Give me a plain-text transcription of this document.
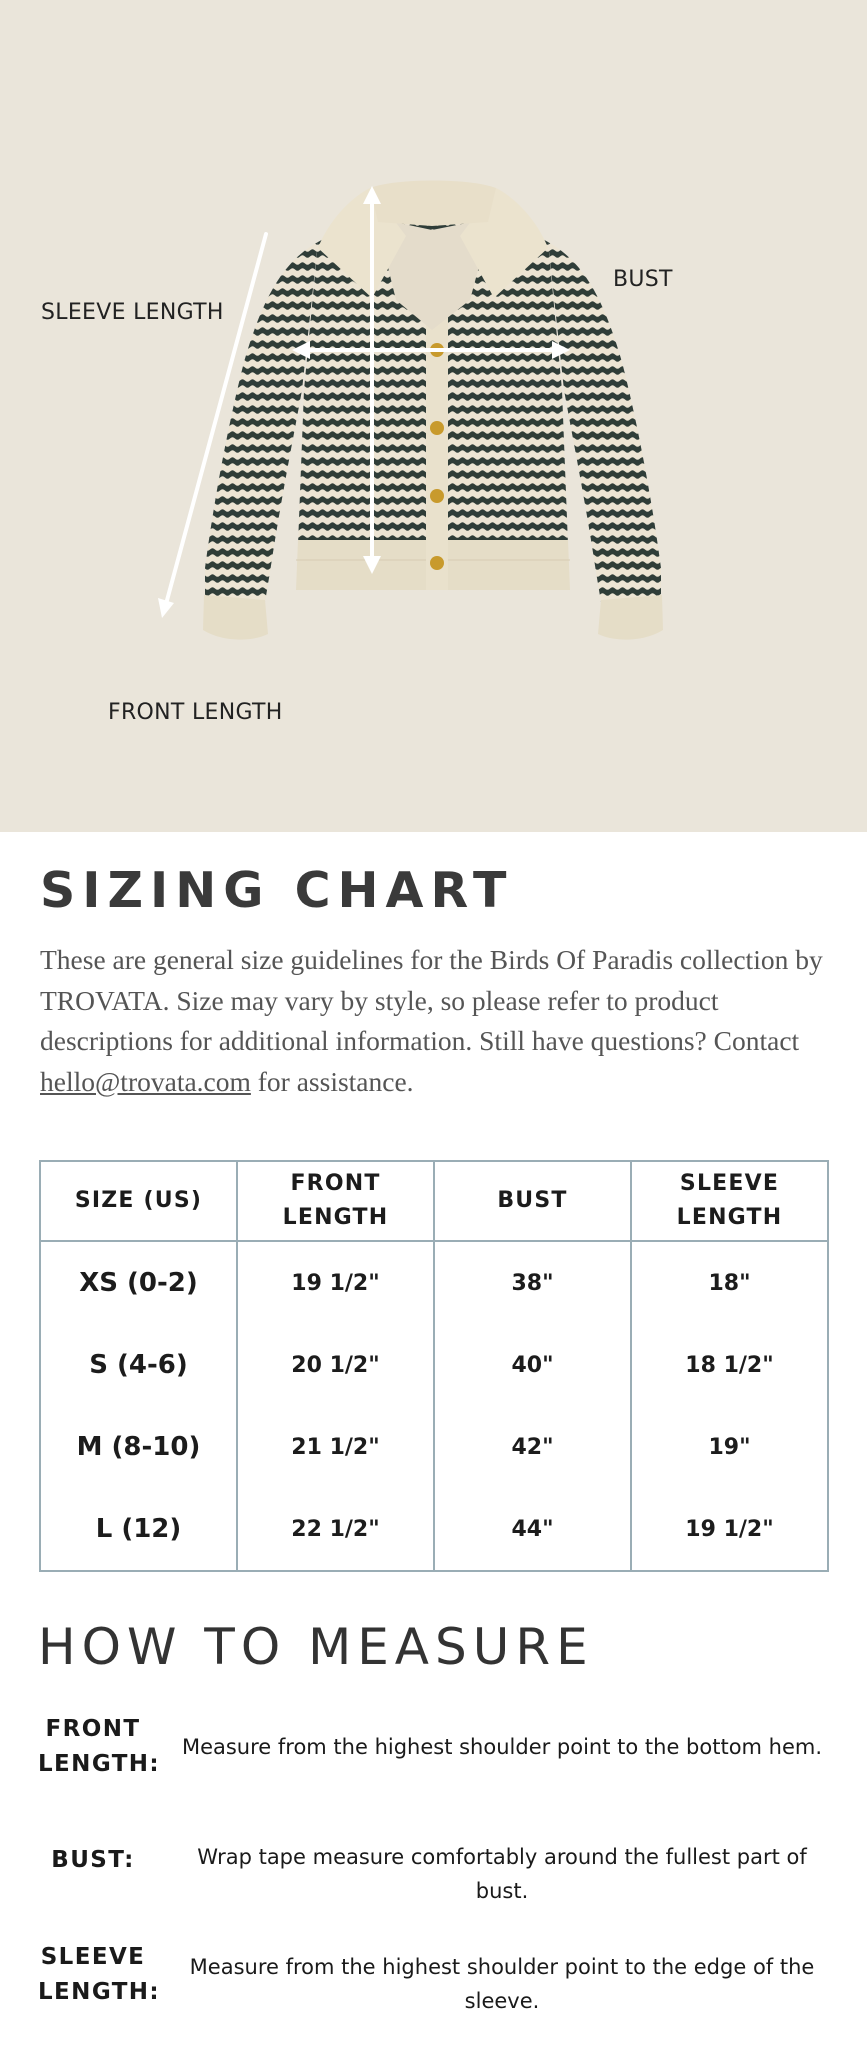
SLEEVE LENGTH
BUST
FRONT LENGTH
SIZING CHART

These are general size guidelines for the Birds Of Paradis collection by TROVATA. Size may vary by style, so please refer to product descriptions for additional information. Still have questions? Contact hello@trovata.com for assistance.

SIZE (US)	FRONT LENGTH	BUST	SLEEVE LENGTH
XS (0-2)	19 1/2"	38"	18"
S (4-6)	20 1/2"	40"	18 1/2"
M (8-10)	21 1/2"	42"	19"
L (12)	22 1/2"	44"	19 1/2"
HOW TO MEASURE
FRONT LENGTH:
Measure from the highest shoulder point to the bottom hem.
BUST:	Wrap tape measure comfortably around the fullest part of bust.
SLEEVE LENGTH:
Measure from the highest shoulder point to the edge of the sleeve.
